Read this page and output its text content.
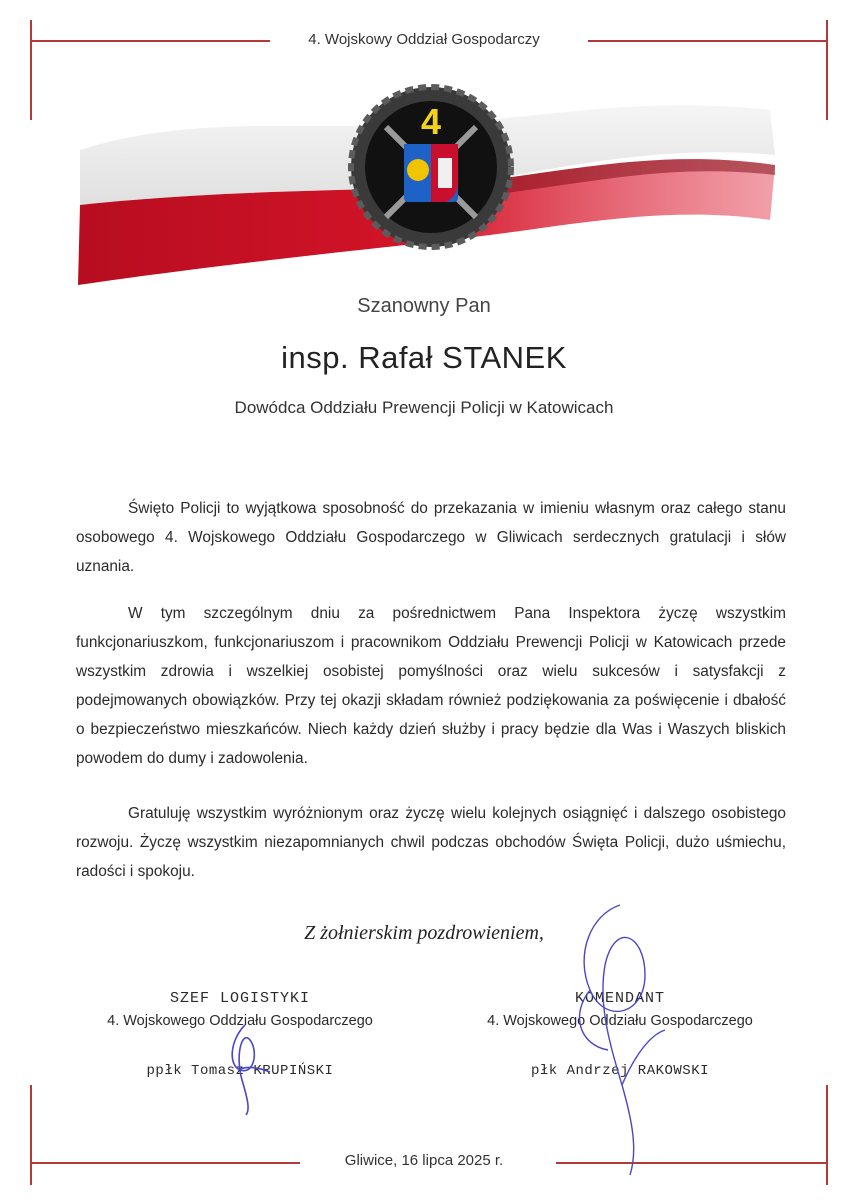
4. Wojskowy Oddział Gospodarczy
4
Szanowny Pan
insp. Rafał STANEK
Dowódca Oddziału Prewencji Policji w Katowicach

Święto Policji to wyjątkowa sposobność do przekazania w imieniu własnym oraz całego stanu osobowego 4. Wojskowego Oddziału Gospodarczego w Gliwicach serdecznych gratulacji i słów uznania.

W tym szczególnym dniu za pośrednictwem Pana Inspektora życzę wszystkim funkcjonariuszkom, funkcjonariuszom i pracownikom Oddziału Prewencji Policji w Katowicach przede wszystkim zdrowia i wszelkiej osobistej pomyślności oraz wielu sukcesów i satysfakcji z podejmowanych obowiązków. Przy tej okazji składam również podziękowania za poświęcenie i dbałość o bezpieczeństwo mieszkańców. Niech każdy dzień służby i pracy będzie dla Was i Waszych bliskich powodem do dumy i zadowolenia.

Gratuluję wszystkim wyróżnionym oraz życzę wielu kolejnych osiągnięć i dalszego osobistego rozwoju. Życzę wszystkim niezapomnianych chwil podczas obchodów Święta Policji, dużo uśmiechu, radości i spokoju.

Z żołnierskim pozdrowieniem,
SZEF LOGISTYKI
4. Wojskowego Oddziału Gospodarczego
ppłk Tomasz KRUPIŃSKI
KOMENDANT
4. Wojskowego Oddziału Gospodarczego
płk Andrzej RAKOWSKI
Gliwice, 16 lipca 2025 r.
